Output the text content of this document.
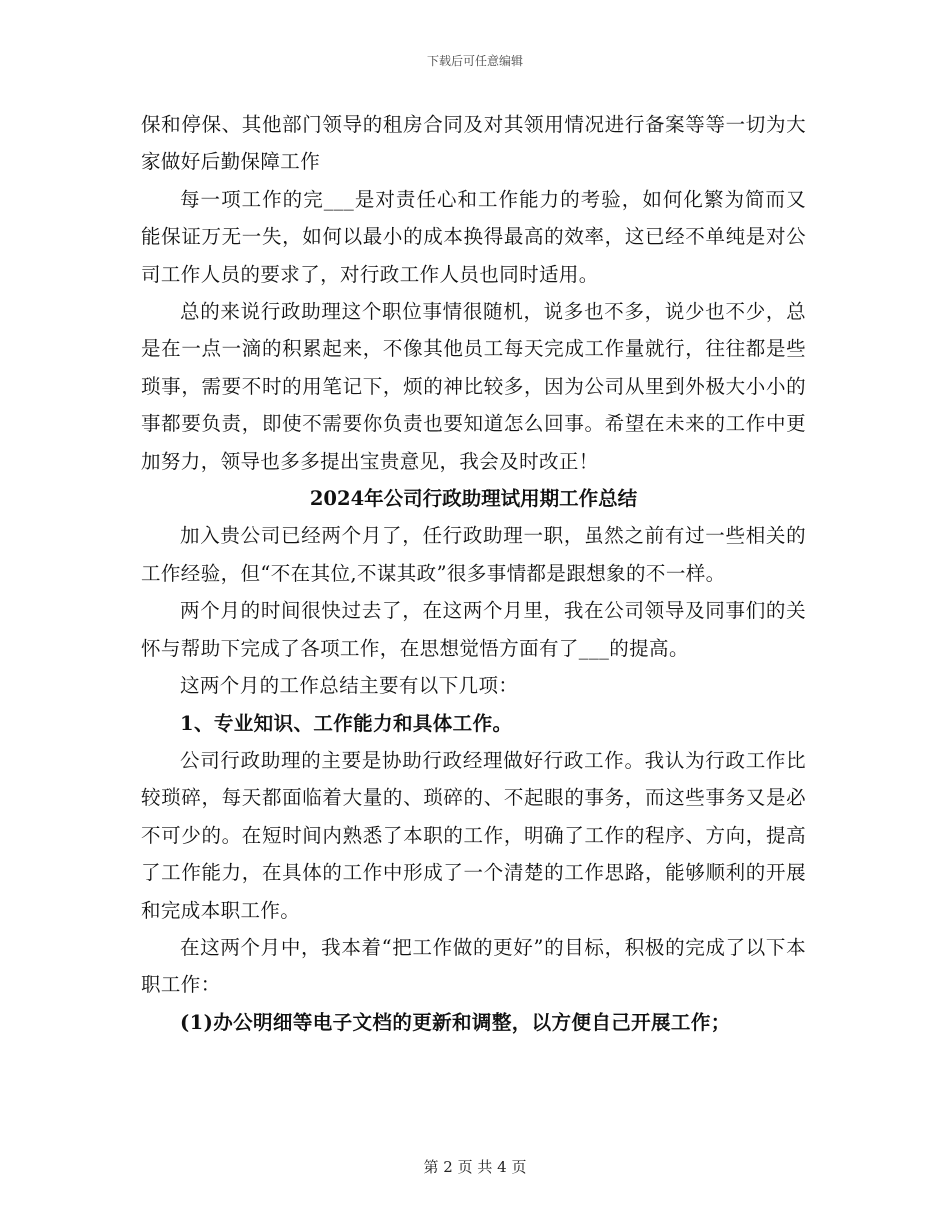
下载后可任意编辑

保和停保、其他部门领导的租房合同及对其领用情况进行备案等等一切为大家做好后勤保障工作

每一项工作的完___是对责任心和工作能力的考验，如何化繁为简而又能保证万无一失，如何以最小的成本换得最高的效率，这已经不单纯是对公司工作人员的要求了，对行政工作人员也同时适用。

总的来说行政助理这个职位事情很随机，说多也不多，说少也不少，总是在一点一滴的积累起来，不像其他员工每天完成工作量就行，往往都是些琐事，需要不时的用笔记下，烦的神比较多，因为公司从里到外极大小小的事都要负责，即使不需要你负责也要知道怎么回事。希望在未来的工作中更加努力，领导也多多提出宝贵意见，我会及时改正！

2024年公司行政助理试用期工作总结

加入贵公司已经两个月了，任行政助理一职，虽然之前有过一些相关的工作经验，但“不在其位,不谋其政”很多事情都是跟想象的不一样。

两个月的时间很快过去了，在这两个月里，我在公司领导及同事们的关怀与帮助下完成了各项工作，在思想觉悟方面有了___的提高。

这两个月的工作总结主要有以下几项：

1、专业知识、工作能力和具体工作。

公司行政助理的主要是协助行政经理做好行政工作。我认为行政工作比较琐碎，每天都面临着大量的、琐碎的、不起眼的事务，而这些事务又是必不可少的。在短时间内熟悉了本职的工作，明确了工作的程序、方向，提高了工作能力，在具体的工作中形成了一个清楚的工作思路，能够顺利的开展和完成本职工作。

在这两个月中，我本着“把工作做的更好”的目标，积极的完成了以下本职工作：

(1)办公明细等电子文档的更新和调整，以方便自己开展工作；

第 2 页 共 4 页
